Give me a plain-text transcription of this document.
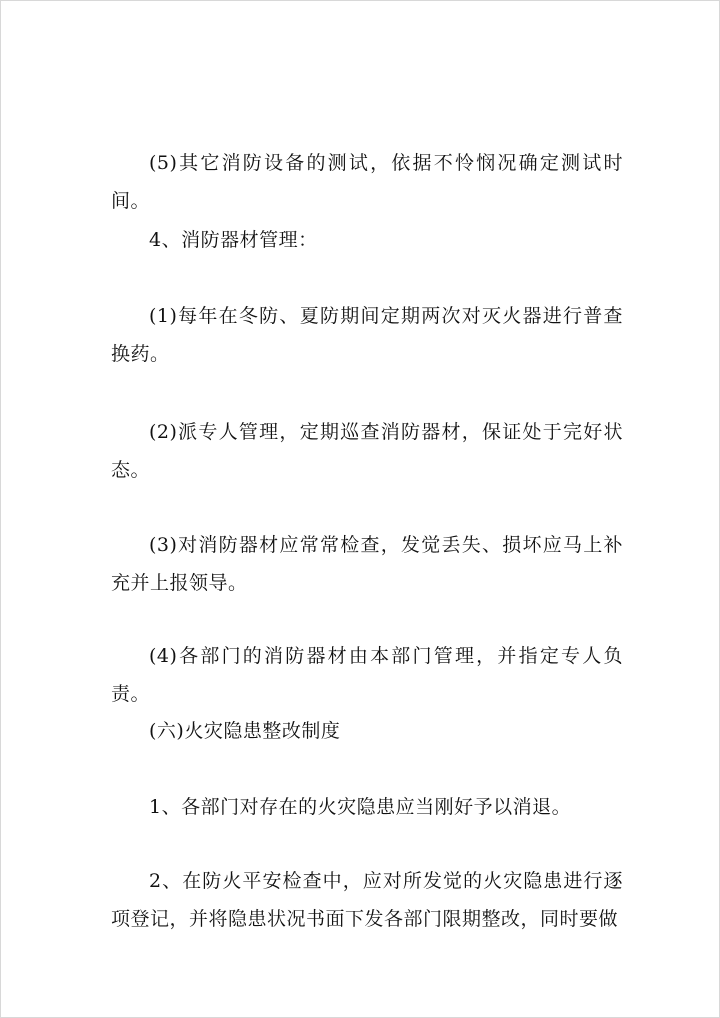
(5)其它消防设备的测试，依据不怜悯况确定测试时间。

4、消防器材管理：

(1)每年在冬防、夏防期间定期两次对灭火器进行普查换药。

(2)派专人管理，定期巡查消防器材，保证处于完好状态。

(3)对消防器材应常常检查，发觉丢失、损坏应马上补充并上报领导。

(4)各部门的消防器材由本部门管理，并指定专人负责。

(六)火灾隐患整改制度

1、各部门对存在的火灾隐患应当刚好予以消退。

2、在防火平安检查中，应对所发觉的火灾隐患进行逐项登记，并将隐患状况书面下发各部门限期整改，同时要做
